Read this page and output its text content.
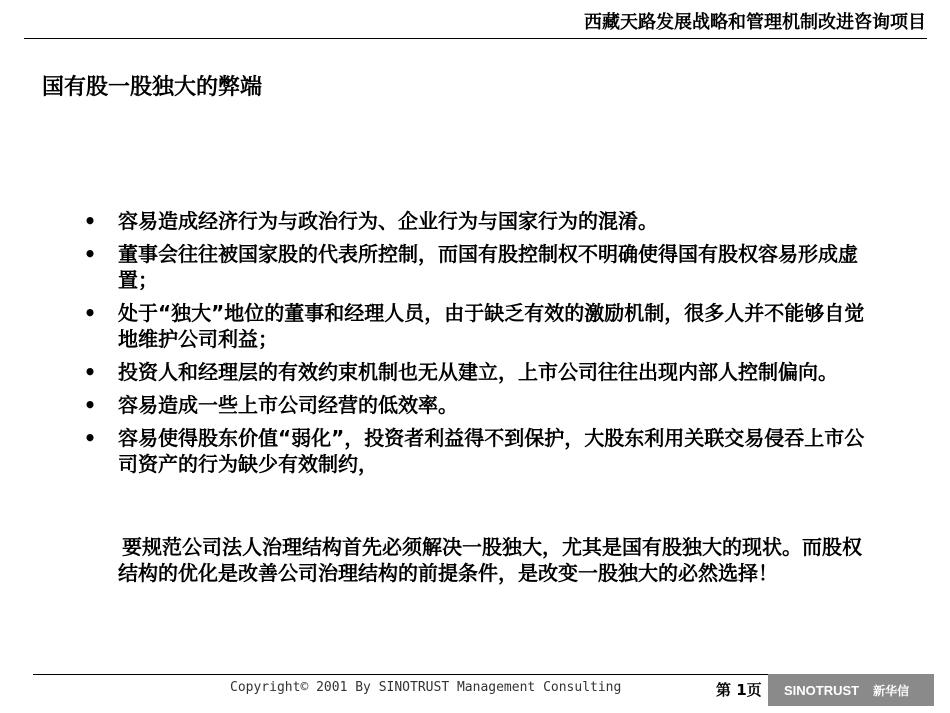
西藏天路发展战略和管理机制改进咨询项目
国有股一股独大的弊端
• 容易造成经济行为与政治行为、企业行为与国家行为的混淆。
• 董事会往往被国家股的代表所控制，而国有股控制权不明确使得国有股权容易形成虚置；
• 处于“独大”地位的董事和经理人员，由于缺乏有效的激励机制，很多人并不能够自觉地维护公司利益；
• 投资人和经理层的有效约束机制也无从建立，上市公司往往出现内部人控制偏向。
• 容易造成一些上市公司经营的低效率。
• 容易使得股东价值“弱化”，投资者利益得不到保护，大股东利用关联交易侵吞上市公司资产的行为缺少有效制约，

要规范公司法人治理结构首先必须解决一股独大，尤其是国有股独大的现状。而股权结构的优化是改善公司治理结构的前提条件，是改变一股独大的必然选择！

Copyright© 2001 By SINOTRUST Management Consulting	第 1页 SINOTRUST 新华信
